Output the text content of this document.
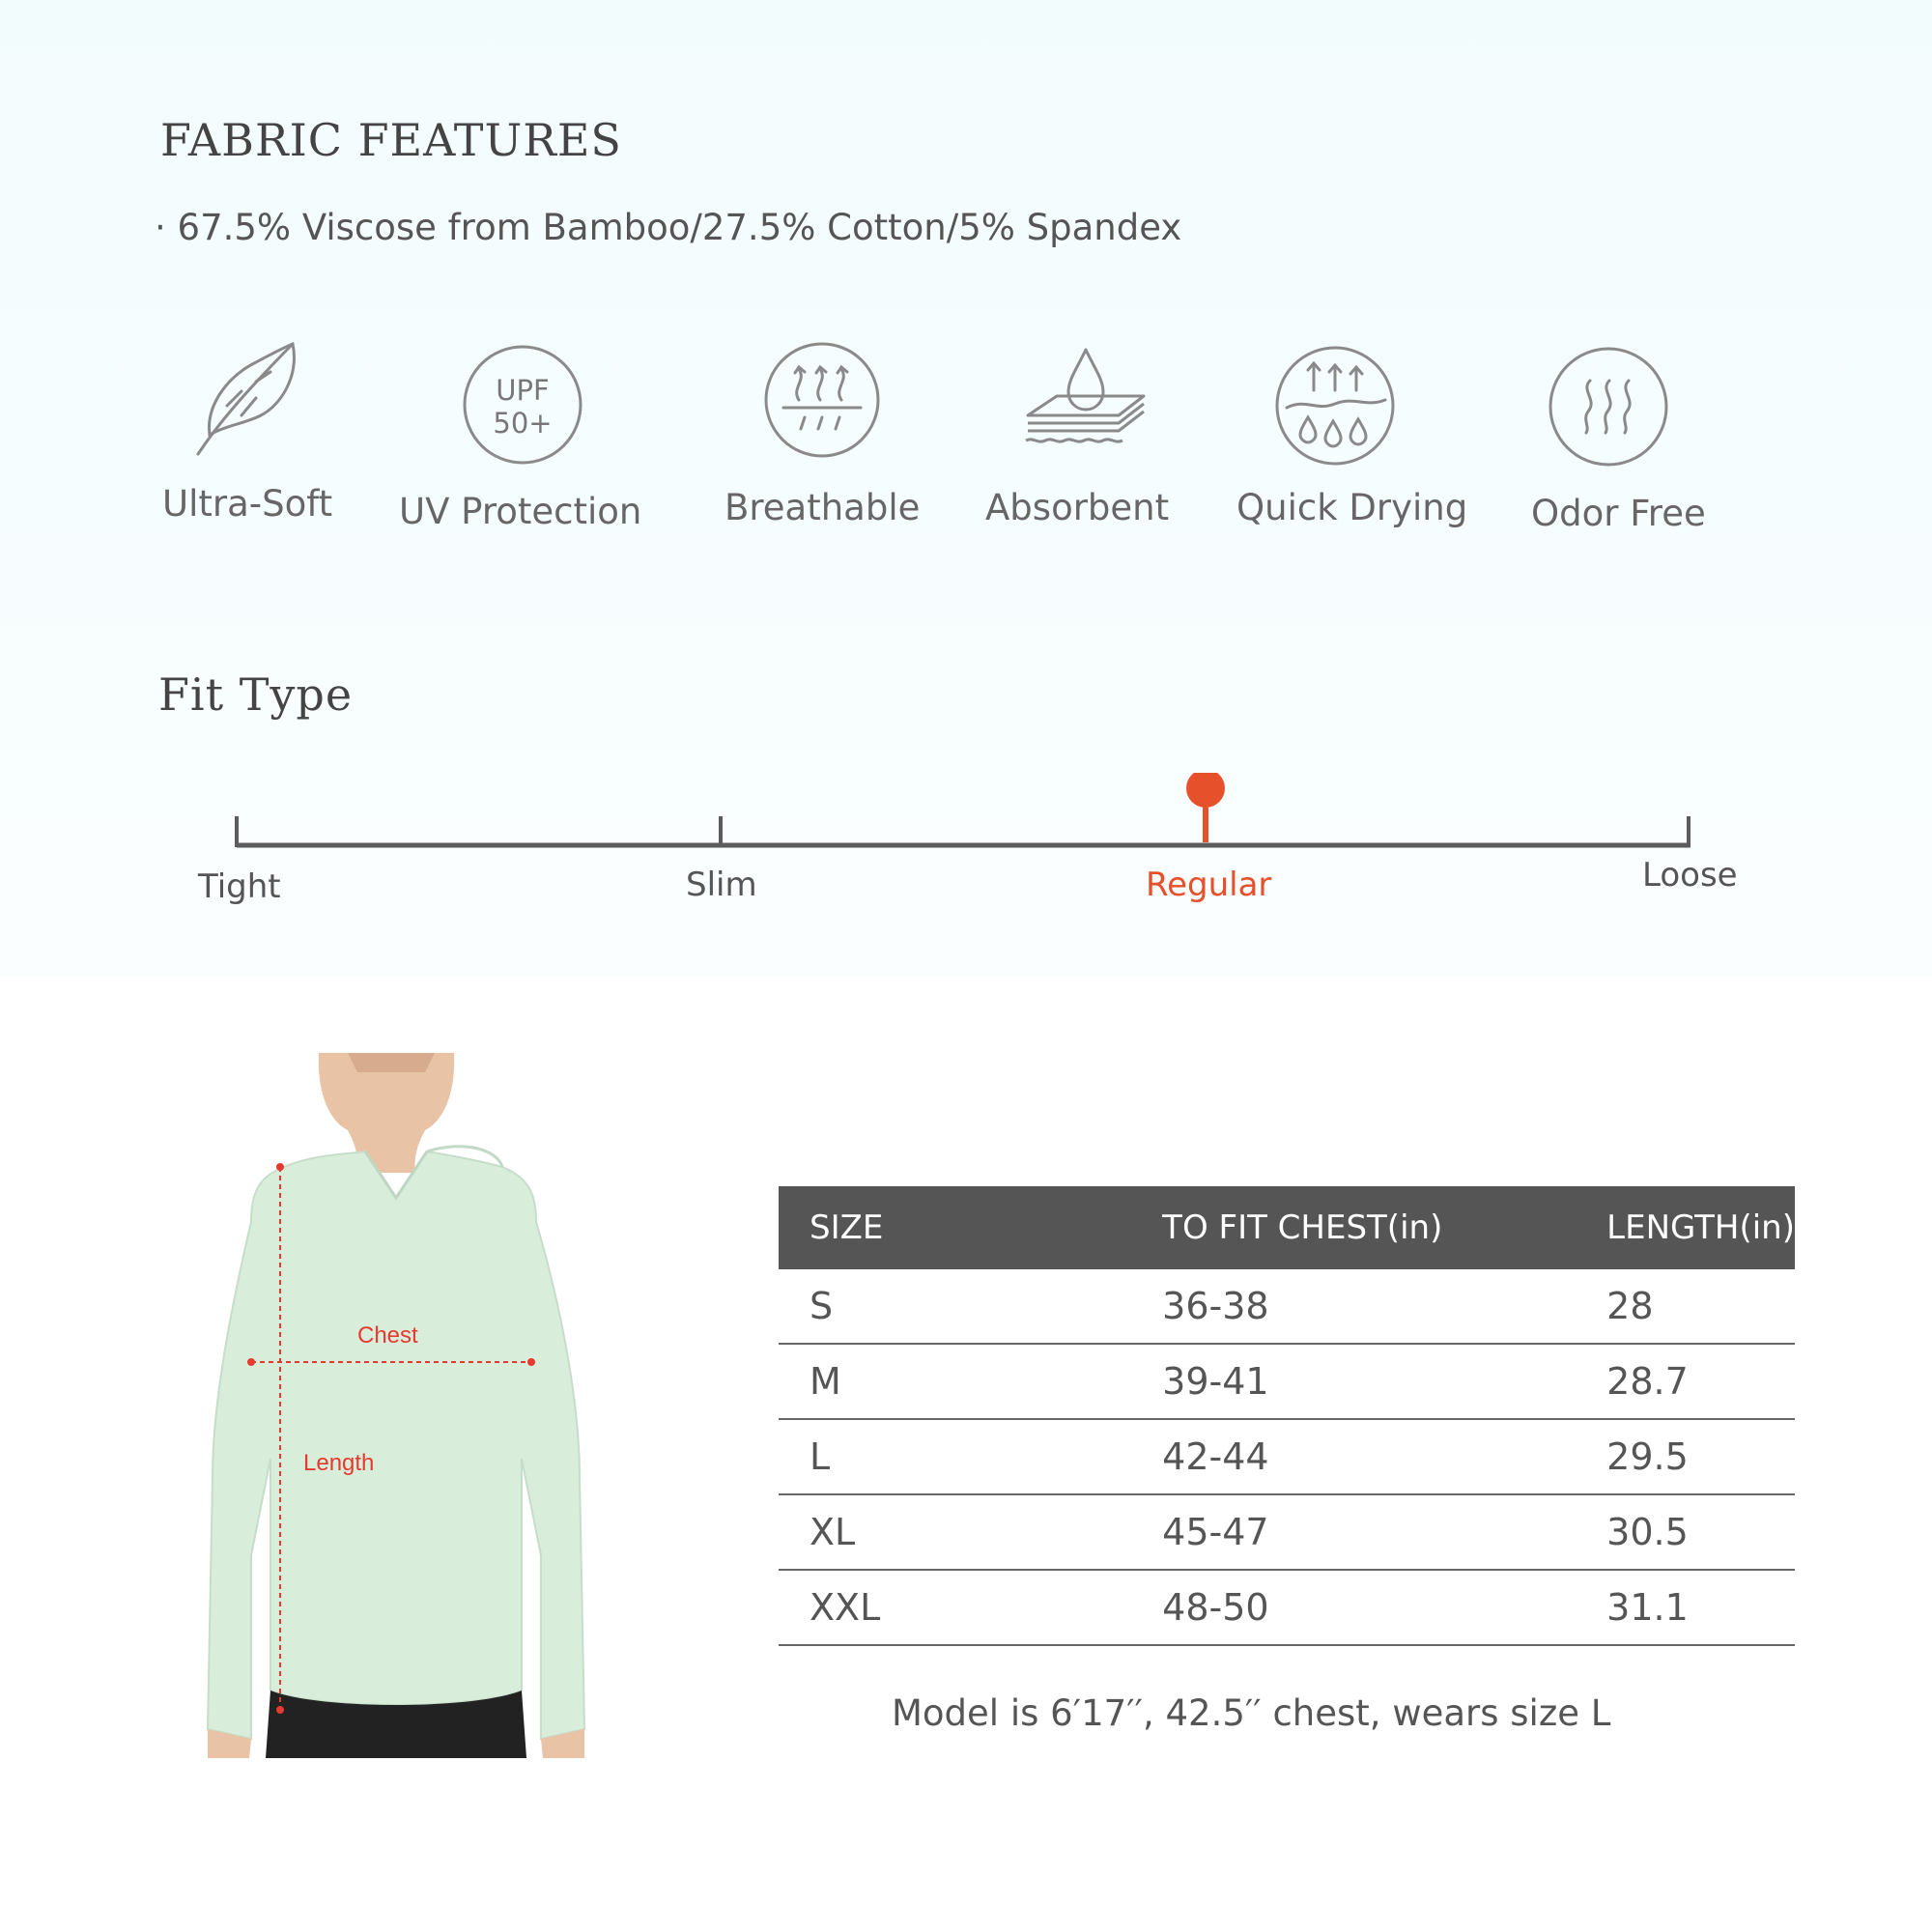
FABRIC FEATURES
· 67.5% Viscose from Bamboo/27.5% Cotton/5% Spandex
UPF
50+
Ultra-Soft UV Protection Breathable Absorbent Quick Drying Odor Free
Fit Type
Tight	Slim	Regular	Loose
Chest
Length
SIZE	TO FIT CHEST(in)	LENGTH(in)
S	36-38	28
M	39-41	28.7
L	42-44	29.5
XL	45-47	30.5
XXL	48-50	31.1
Model is 6′17′′, 42.5′′ chest, wears size L
